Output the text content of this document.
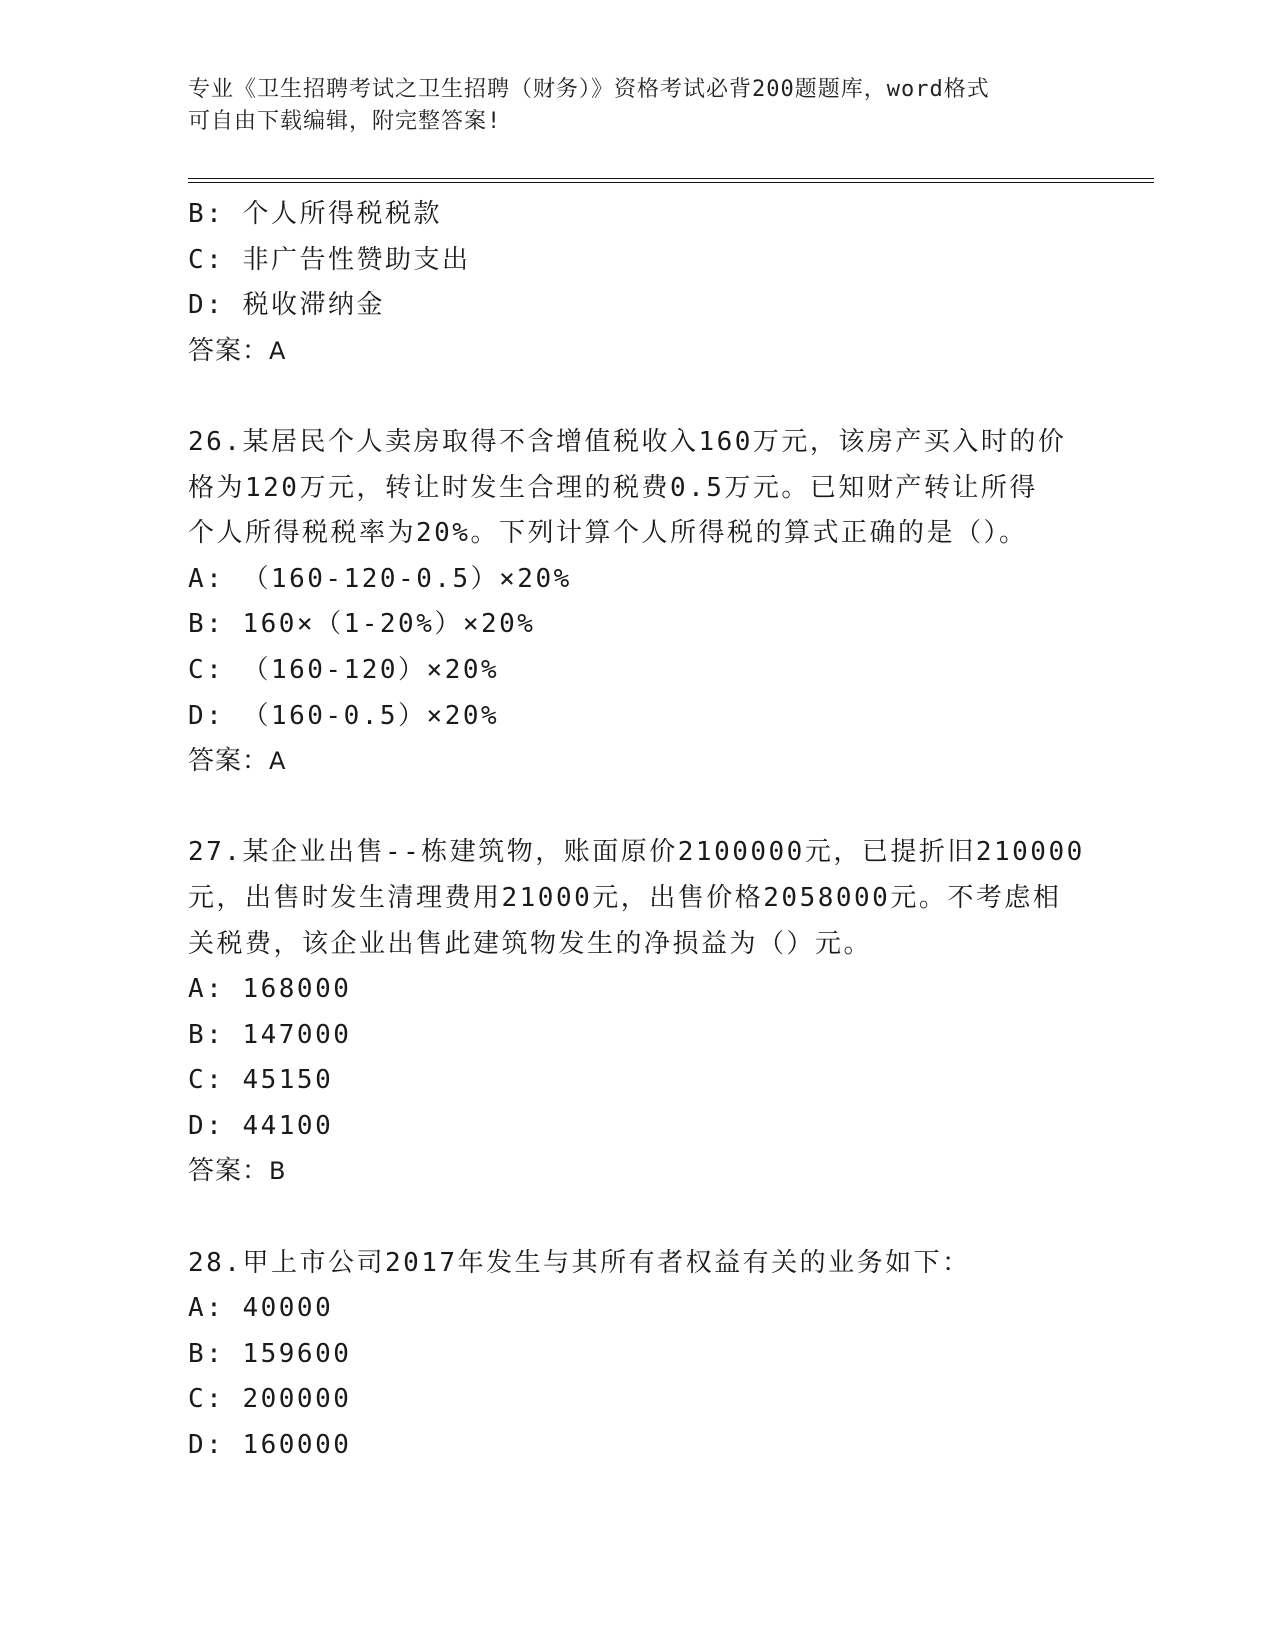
专业《卫生招聘考试之卫生招聘（财务）》资格考试必背200题题库，word格式
可自由下载编辑，附完整答案!
B: 个人所得税税款
C: 非广告性赞助支出
D: 税收滞纳金
答案：A
26.某居民个人卖房取得不含增值税收入160万元，该房产买入时的价
格为120万元，转让时发生合理的税费0.5万元。已知财产转让所得
个人所得税税率为20%。下列计算个人所得税的算式正确的是（）。
A: （160-120-0.5）×20%
B: 160×（1-20%）×20%
C: （160-120）×20%
D: （160-0.5）×20%
答案：A
27.某企业出售--栋建筑物，账面原价2100000元，已提折旧210000
元，出售时发生清理费用21000元，出售价格2058000元。不考虑相
关税费，该企业出售此建筑物发生的净损益为（）元。
A: 168000
B: 147000
C: 45150
D: 44100
答案：B
28.甲上市公司2017年发生与其所有者权益有关的业务如下：
A: 40000
B: 159600
C: 200000
D: 160000
